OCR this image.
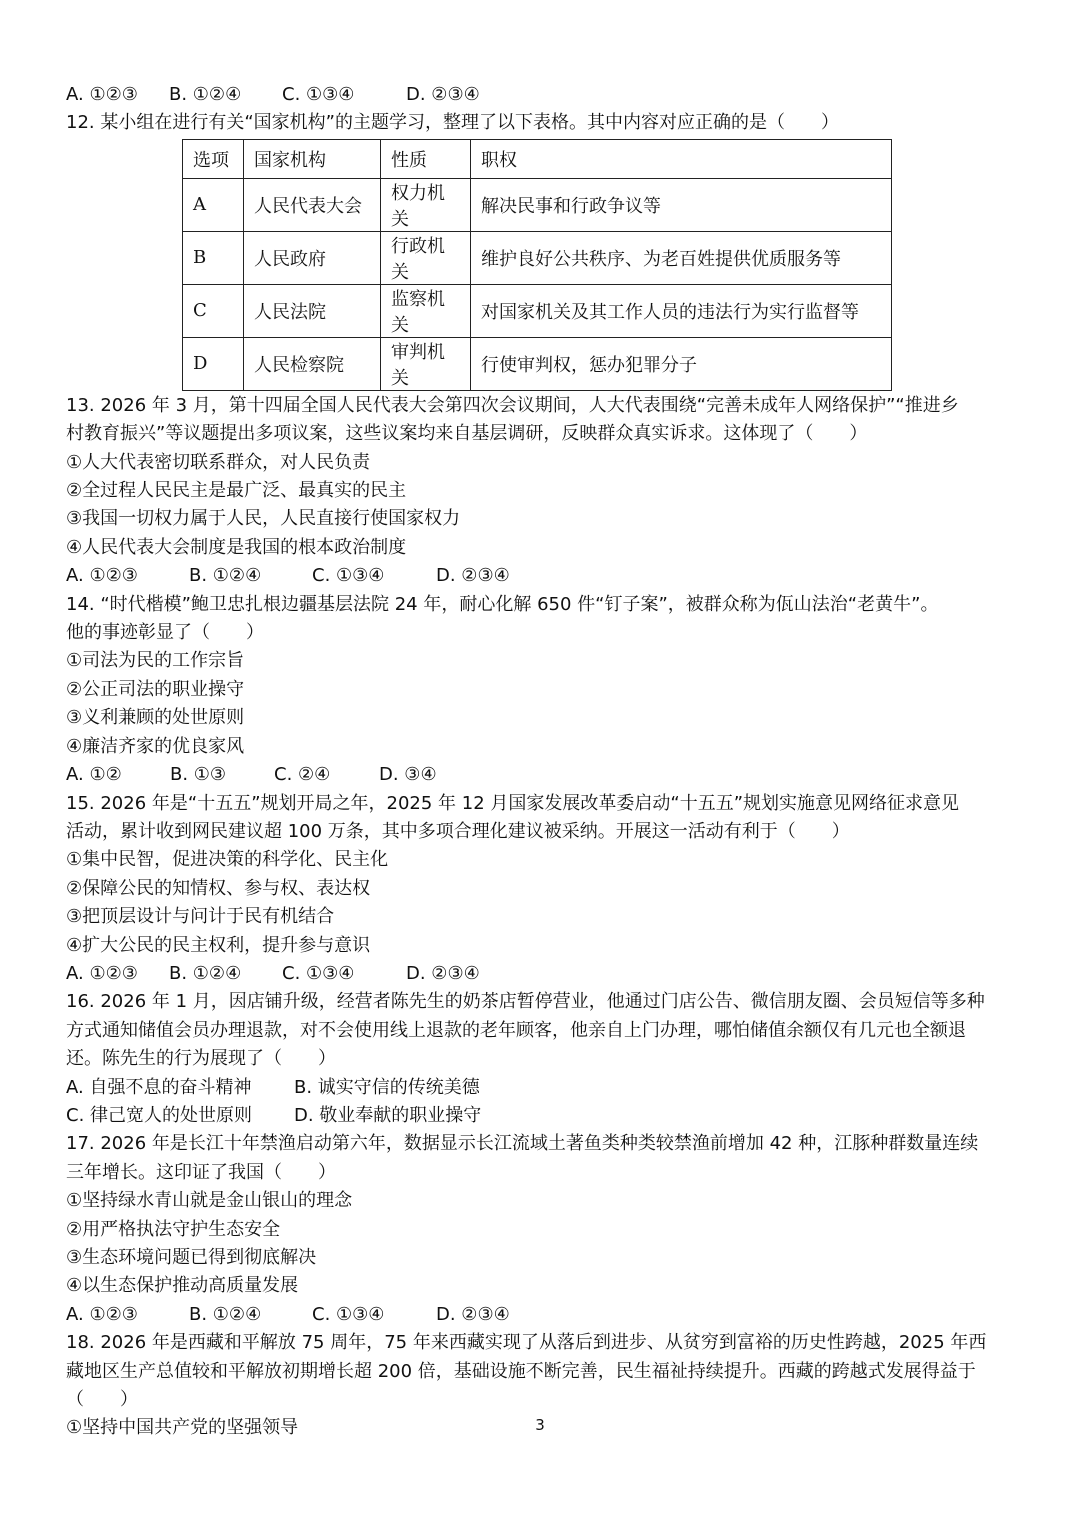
A. ①②③ B. ①②④ C. ①③④	D. ②③④
12. 某小组在进行有关“国家机构”的主题学习，整理了以下表格。其中内容对应正确的是（　　）
选项	国家机构	性质	职权
A	人民代表大会	权力机关	解决民事和行政争议等
B	人民政府	行政机关	维护良好公共秩序、为老百姓提供优质服务等
C	人民法院	监察机关	对国家机关及其工作人员的违法行为实行监督等
D	人民检察院	审判机关	行使审判权，惩办犯罪分子
13. 2026 年 3 月，第十四届全国人民代表大会第四次会议期间，人大代表围绕“完善未成年人网络保护”“推进乡
村教育振兴”等议题提出多项议案，这些议案均来自基层调研，反映群众真实诉求。这体现了（　　）
①人大代表密切联系群众，对人民负责
②全过程人民民主是最广泛、最真实的民主
③我国一切权力属于人民，人民直接行使国家权力
④人民代表大会制度是我国的根本政治制度
A. ①②③	B. ①②④	C. ①③④	D. ②③④
14. “时代楷模”鲍卫忠扎根边疆基层法院 24 年，耐心化解 650 件“钉子案”，被群众称为佤山法治“老黄牛”。
他的事迹彰显了（　　）
①司法为民的工作宗旨
②公正司法的职业操守
③义利兼顾的处世原则
④廉洁齐家的优良家风
A. ①②	B. ①③	C. ②④	D. ③④
15. 2026 年是“十五五”规划开局之年，2025 年 12 月国家发展改革委启动“十五五”规划实施意见网络征求意见
活动，累计收到网民建议超 100 万条，其中多项合理化建议被采纳。开展这一活动有利于（　　）
①集中民智，促进决策的科学化、民主化
②保障公民的知情权、参与权、表达权
③把顶层设计与问计于民有机结合
④扩大公民的民主权利，提升参与意识
A. ①②③ B. ①②④ C. ①③④	D. ②③④
16. 2026 年 1 月，因店铺升级，经营者陈先生的奶茶店暂停营业，他通过门店公告、微信朋友圈、会员短信等多种
方式通知储值会员办理退款，对不会使用线上退款的老年顾客，他亲自上门办理，哪怕储值余额仅有几元也全额退
还。陈先生的行为展现了（　　）
A. 自强不息的奋斗精神 B. 诚实守信的传统美德
C. 律己宽人的处世原则 D. 敬业奉献的职业操守
17. 2026 年是长江十年禁渔启动第六年，数据显示长江流域土著鱼类种类较禁渔前增加 42 种，江豚种群数量连续
三年增长。这印证了我国（　　）
①坚持绿水青山就是金山银山的理念
②用严格执法守护生态安全
③生态环境问题已得到彻底解决
④以生态保护推动高质量发展
A. ①②③	B. ①②④	C. ①③④	D. ②③④
18. 2026 年是西藏和平解放 75 周年，75 年来西藏实现了从落后到进步、从贫穷到富裕的历史性跨越，2025 年西
藏地区生产总值较和平解放初期增长超 200 倍，基础设施不断完善，民生福祉持续提升。西藏的跨越式发展得益于
（　　）
①坚持中国共产党的坚强领导	3
